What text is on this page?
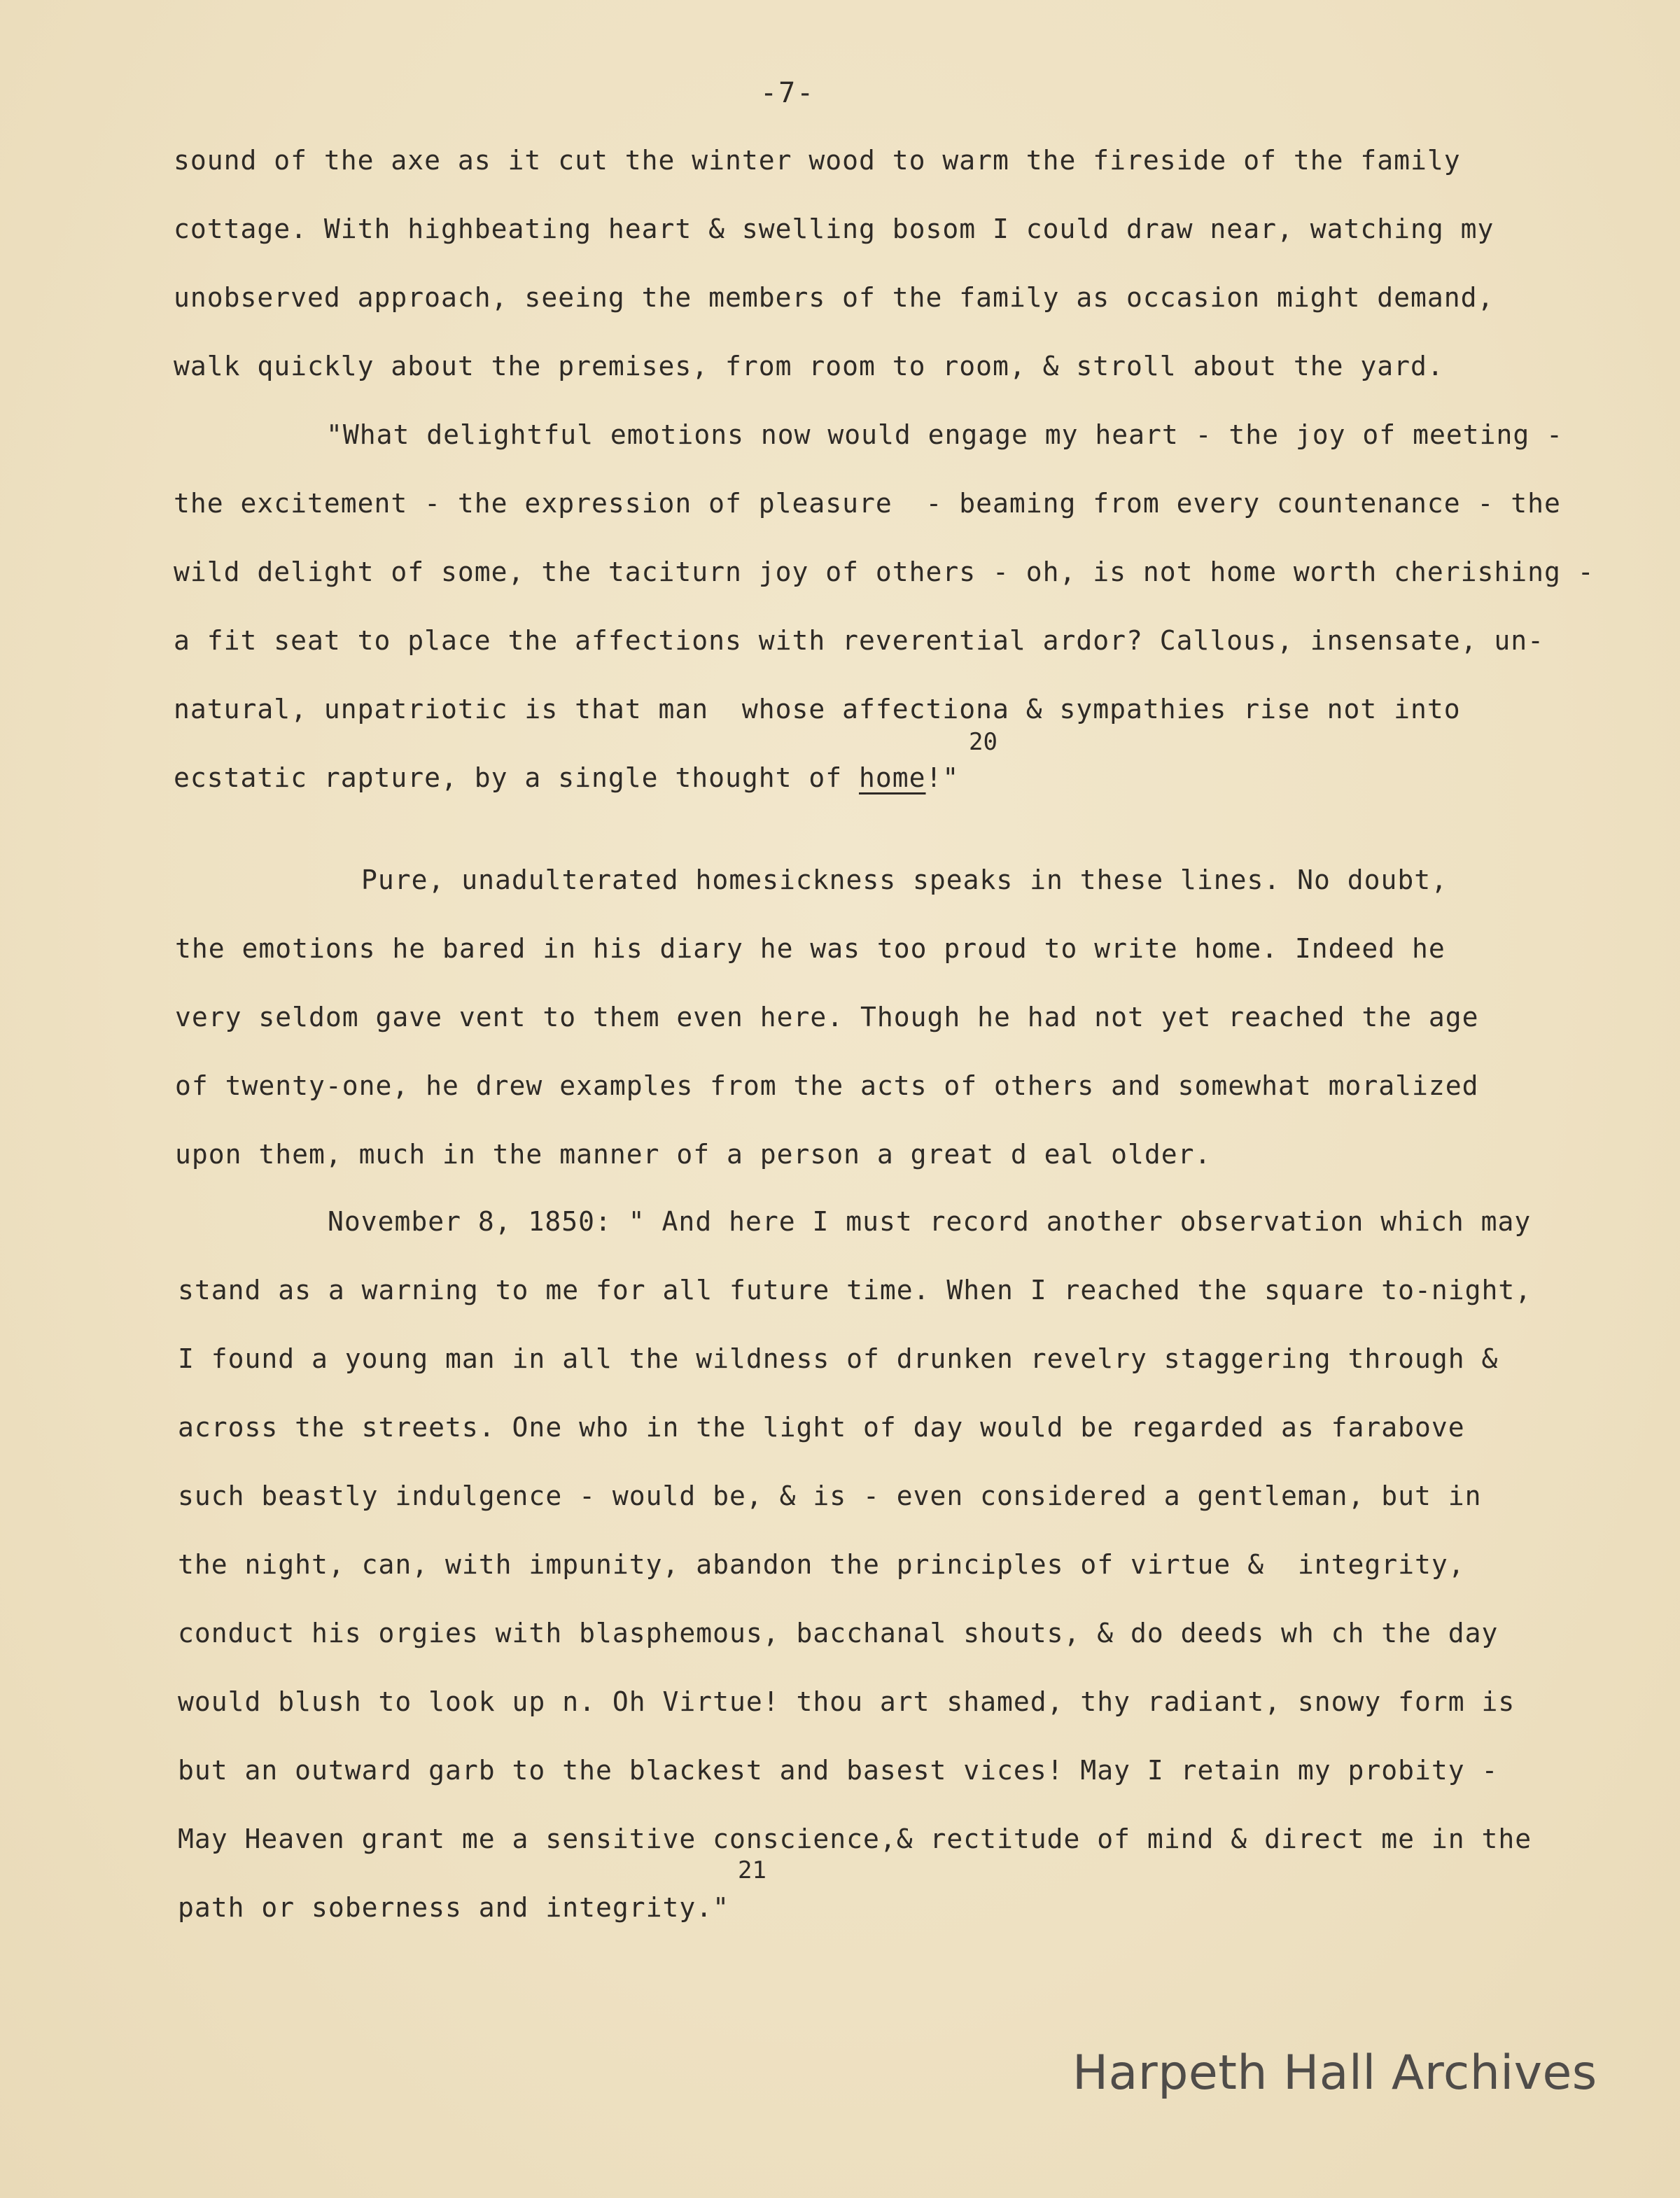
-7-
sound of the axe as it cut the winter wood to warm the fireside of the family
cottage. With highbeating heart & swelling bosom I could draw near, watching my
unobserved approach, seeing the members of the family as occasion might demand,
walk quickly about the premises, from room to room, & stroll about the yard.
"What delightful emotions now would engage my heart - the joy of meeting -
the excitement - the expression of pleasure  - beaming from every countenance - the
wild delight of some, the taciturn joy of others - oh, is not home worth cherishing -
a fit seat to place the affections with reverential ardor? Callous, insensate, un-
natural, unpatriotic is that man  whose affectiona & sympathies rise not into
20
ecstatic rapture, by a single thought of home!"
Pure, unadulterated homesickness speaks in these lines. No doubt,
the emotions he bared in his diary he was too proud to write home. Indeed he
very seldom gave vent to them even here. Though he had not yet reached the age
of twenty-one, he drew examples from the acts of others and somewhat moralized
upon them, much in the manner of a person a great d eal older.
November 8, 1850: " And here I must record another observation which may
stand as a warning to me for all future time. When I reached the square to-night,
I found a young man in all the wildness of drunken revelry staggering through &
across the streets. One who in the light of day would be regarded as farabove
such beastly indulgence - would be, & is - even considered a gentleman, but in
the night, can, with impunity, abandon the principles of virtue &  integrity,
conduct his orgies with blasphemous, bacchanal shouts, & do deeds wh ch the day
would blush to look up n. Oh Virtue! thou art shamed, thy radiant, snowy form is
but an outward garb to the blackest and basest vices! May I retain my probity -
May Heaven grant me a sensitive conscience,& rectitude of mind & direct me in the
21
path or soberness and integrity."
Harpeth Hall Archives
